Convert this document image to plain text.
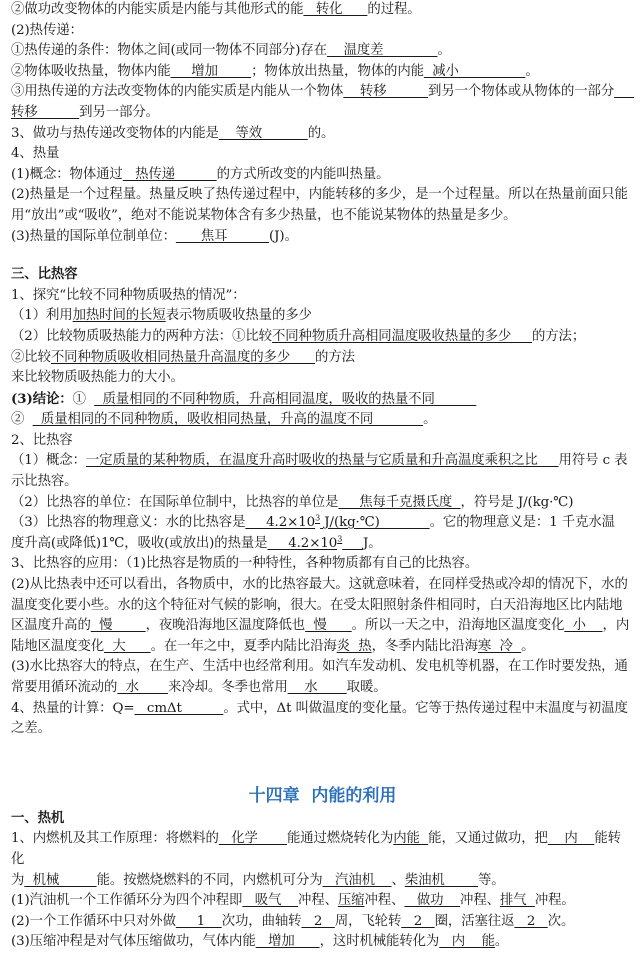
②做功改变物体的内能实质是内能与其他形式的能   转化      的过程。
(2)热传递：
①热传递的条件：物体之间(或同一物体不同部分)存在    温度差             。
②物体吸收热量，物体内能     增加        ；物体放出热量，物体的内能  减小                。
③用热传递的方法改变物体的内能实质是内能从一个物体    转移          到另一个物体或从物体的一部分
转移          到另一部分。
3、做功与热传递改变物体的内能是    等效           的。
4、热量
(1)概念：物体通过   热传递          的方式所改变的内能叫热量。
(2)热量是一个过程量。热量反映了热传递过程中，内能转移的多少，是一个过程量。所以在热量前面只能用“放出”或“吸收”，绝对不能说某物体含有多少热量，也不能说某物体的热量是多少。
(3)热量的国际单位制单位：      焦耳          (J)。
三、比热容
1、探究“比较不同种物质吸热的情况”：
（1）利用加热时间的长短表示物质吸收热量的多少
（2）比较物质吸热能力的两种方法：①比较不同种物质升高相同温度吸收热量的多少     的方法；
②比较不同种物质吸收相同热量升高温度的多少      的方法
来比较物质吸热能力的大小。
(3)结论：①    质量相同的不同种物质，升高相同温度，吸收的热量不同
②    质量相同的不同种物质，吸收相同热量，升高的温度不同            。
2、比热容
（1）概念：一定质量的某种物质，在温度升高时吸收的热量与它质量和升高温度乘积之比     用符号 c 表
示比热容。
（2）比热容的单位：在国际单位制中，比热容的单位是     焦每千克摄氏度  ，符号是 J/(kg·℃)
（3）比热容的物理意义：水的比热容是     $4.2\times 10^3$ J/(kg·℃)            。它的物理意义是：1 千克水温
度升高(或降低)1℃，吸收(或放出)的热量是     $4.2\times 10^3$ J。
3、比热容的应用：（1)比热容是物质的一种特性，各种物质都有自己的比热容。
(2)从比热表中还可以看出，各物质中，水的比热容最大。这就意味着，在同样受热或冷却的情况下，水的温度变化要小些。水的这个特征对气候的影响，很大。在受太阳照射条件相同时，白天沿海地区比内陆地区温度升高的  慢        ，夜晚沿海地区温度降低也  慢      。所以一天之中，沿海地区温度变化  小    ，内陆地区温度变化  大      。在一年之中，夏季内陆比沿海炎  热，冬季内陆比沿海寒  冷  。
(3)水比热容大的特点，在生产、生活中也经常利用。如汽车发动机、发电机等机器，在工作时要发热，通常要用循环流动的  水       来冷却。冬季也常用    水       取暖。
4、热量的计算：Q=   cmΔt          。式中，Δt 叫做温度的变化量。它等于热传递过程中末温度与初温度之差。
十四章  内能的利用
一、热机
1、内燃机及其工作原理：将燃料的   化学       能通过燃烧转化为内能  能，又通过做功，把    内    能转化
为  机械         能。按燃烧燃料的不同，内燃机可分为   汽油机    、柴油机        等。
(1)汽油机一个工作循环分为四个冲程即   吸气    冲程、压缩冲程、   做功    冲程、排气  冲程。
(2)一个工作循环中只对外做     1    次功，曲轴转   2   周，飞轮转   2   圈，活塞往返   2   次。
(3)压缩冲程是对气体压缩做功，气体内能   增加      ，这时机械能转化为   内    能。
